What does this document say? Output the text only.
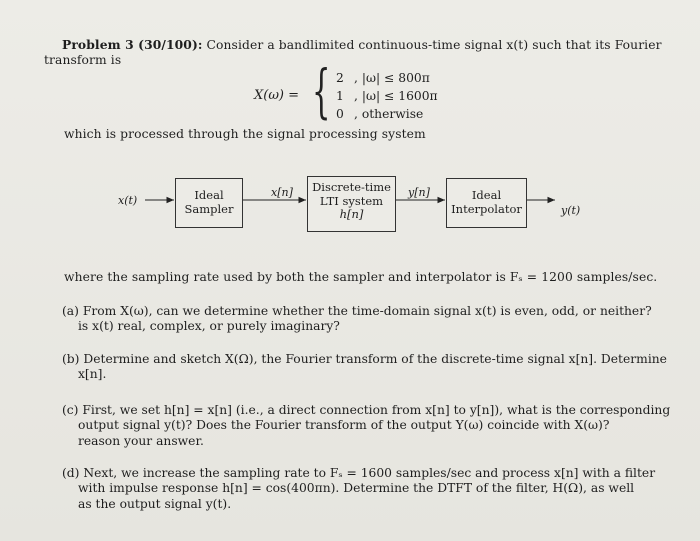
Problem 3 (30/100): Consider a bandlimited continuous-time signal x(t) such that its Fourier
transform is
X(ω) = { 2 , |ω| ≤ 800π
1 , |ω| ≤ 1600π
0 , otherwise
which is processed through the signal processing system
x(t)	Ideal
Sampler
x[n]	Discrete-time
LTI system
h[n]
y[n]	Ideal
Interpolator	y(t)
where the sampling rate used by both the sampler and interpolator is Fₛ = 1200 samples/sec.
(a) From X(ω), can we determine whether the time-domain signal x(t) is even, odd, or neither?
is x(t) real, complex, or purely imaginary?
(b) Determine and sketch X(Ω), the Fourier transform of the discrete-time signal x[n]. Determine
x[n].
(c) First, we set h[n] = x[n] (i.e., a direct connection from x[n] to y[n]), what is the corresponding
output signal y(t)? Does the Fourier transform of the output Y(ω) coincide with X(ω)?
reason your answer.
(d) Next, we increase the sampling rate to Fₛ = 1600 samples/sec and process x[n] with a filter
with impulse response h[n] = cos(400πn). Determine the DTFT of the filter, H(Ω), as well
as the output signal y(t).
